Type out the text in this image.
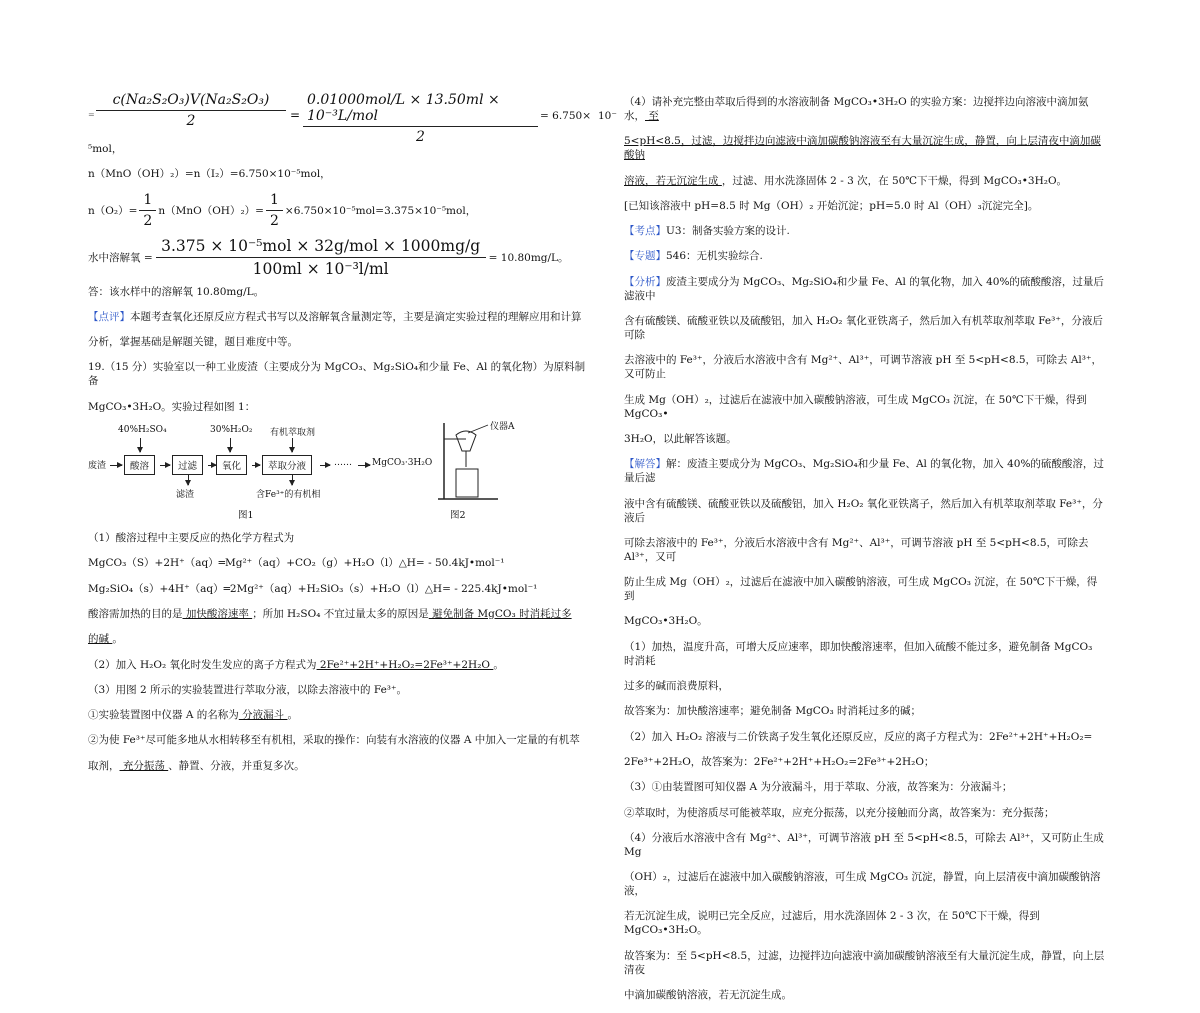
=
c(Na₂S₂O₃)V(Na₂S₂O₃)
2	=
0.01000mol/L × 13.50ml × 10⁻³L/mol
2
= 6.750× 10⁻
⁵mol，
n（MnO（OH）₂）=n（I₂）=6.750×10⁻⁵mol，
$n(O_2)= \frac{1}{2} n(MnO(OH)_2)= \frac{1}{2} \times 6.750\times 10^{-5}mol=3.375\times 10^{-5}mol$，
水中溶解氧 = $\frac{\text{3.375 × 10⁻⁵mol × 32g/mol × 1000mg/g}}{\text{100ml × 10⁻³l/ml}} = 10.80mg/L$。
答：该水样中的溶解氧 10.80mg/L。
【点评】本题考查氧化还原反应方程式书写以及溶解氧含量测定等，主要是滴定实验过程的理解应用和计算
分析，掌握基础是解题关键，题目难度中等。
19.（15 分）实验室以一种工业废渣（主要成分为 MgCO₃、Mg₂SiO₄和少量 Fe、Al 的氧化物）为原料制备
MgCO₃•3H₂O。实验过程如图 1：
40%H₂SO₄	30%H₂O₂ 有机萃取剂
废渣	酸溶	过滤	氧化	萃取分液	…… MgCO₃·3H₂O
滤渣	含Fe³⁺的有机相
仪器A
图1	图2
（1）酸溶过程中主要反应的热化学方程式为
MgCO₃（S）+2H⁺（aq）═Mg²⁺（aq）+CO₂（g）+H₂O（l）△H= - 50.4kJ•mol⁻¹
Mg₂SiO₄（s）+4H⁺（aq）═2Mg²⁺（aq）+H₂SiO₃（s）+H₂O（l）△H= - 225.4kJ•mol⁻¹
酸溶需加热的目的是 加快酸溶速率 ；所加 H₂SO₄ 不宜过量太多的原因是 避免制备 MgCO₃ 时消耗过多
的碱 。
（2）加入 H₂O₂ 氧化时发生发应的离子方程式为 2Fe²⁺+2H⁺+H₂O₂=2Fe³⁺+2H₂O 。
（3）用图 2 所示的实验装置进行萃取分液，以除去溶液中的 Fe³⁺。
①实验装置图中仪器 A 的名称为 分液漏斗 。
②为使 Fe³⁺尽可能多地从水相转移至有机相，采取的操作：向装有水溶液的仪器 A 中加入一定量的有机萃
取剂， 充分振荡 、静置、分液，并重复多次。
（4）请补充完整由萃取后得到的水溶液制备 MgCO₃•3H₂O 的实验方案：边搅拌边向溶液中滴加氨水， 至
5<pH<8.5，过滤，边搅拌边向滤液中滴加碳酸钠溶液至有大量沉淀生成，静置，向上层清夜中滴加碳酸钠
溶液，若无沉淀生成 ，过滤、用水洗涤固体 2 - 3 次，在 50℃下干燥，得到 MgCO₃•3H₂O。
[已知该溶液中 pH=8.5 时 Mg（OH）₂ 开始沉淀；pH=5.0 时 Al（OH）₃沉淀完全]。
【考点】U3：制备实验方案的设计.
【专题】546：无机实验综合.
【分析】废渣主要成分为 MgCO₃、Mg₂SiO₄和少量 Fe、Al 的氧化物，加入 40%的硫酸酸溶，过量后滤液中
含有硫酸镁、硫酸亚铁以及硫酸铝，加入 H₂O₂ 氧化亚铁离子，然后加入有机萃取剂萃取 Fe³⁺，分液后可除
去溶液中的 Fe³⁺，分液后水溶液中含有 Mg²⁺、Al³⁺，可调节溶液 pH 至 5<pH<8.5，可除去 Al³⁺，又可防止
生成 Mg（OH）₂，过滤后在滤液中加入碳酸钠溶液，可生成 MgCO₃ 沉淀，在 50℃下干燥，得到 MgCO₃•
3H₂O，以此解答该题。
【解答】解：废渣主要成分为 MgCO₃、Mg₂SiO₄和少量 Fe、Al 的氧化物，加入 40%的硫酸酸溶，过量后滤
液中含有硫酸镁、硫酸亚铁以及硫酸铝，加入 H₂O₂ 氧化亚铁离子，然后加入有机萃取剂萃取 Fe³⁺，分液后
可除去溶液中的 Fe³⁺，分液后水溶液中含有 Mg²⁺、Al³⁺，可调节溶液 pH 至 5<pH<8.5，可除去 Al³⁺，又可
防止生成 Mg（OH）₂，过滤后在滤液中加入碳酸钠溶液，可生成 MgCO₃ 沉淀，在 50℃下干燥，得到
MgCO₃•3H₂O。
（1）加热，温度升高，可增大反应速率，即加快酸溶速率，但加入硫酸不能过多，避免制备 MgCO₃ 时消耗
过多的碱而浪费原料，
故答案为：加快酸溶速率；避免制备 MgCO₃ 时消耗过多的碱；
（2）加入 H₂O₂ 溶液与二价铁离子发生氧化还原反应，反应的离子方程式为：2Fe²⁺+2H⁺+H₂O₂=
2Fe³⁺+2H₂O，故答案为：2Fe²⁺+2H⁺+H₂O₂=2Fe³⁺+2H₂O；
（3）①由装置图可知仪器 A 为分液漏斗，用于萃取、分液，故答案为：分液漏斗；
②萃取时，为使溶质尽可能被萃取，应充分振荡，以充分接触而分离，故答案为：充分振荡；
（4）分液后水溶液中含有 Mg²⁺、Al³⁺，可调节溶液 pH 至 5<pH<8.5，可除去 Al³⁺，又可防止生成 Mg
（OH）₂，过滤后在滤液中加入碳酸钠溶液，可生成 MgCO₃ 沉淀，静置，向上层清夜中滴加碳酸钠溶液，
若无沉淀生成，说明已完全反应，过滤后，用水洗涤固体 2 - 3 次，在 50℃下干燥，得到 MgCO₃•3H₂O。
故答案为：至 5<pH<8.5，过滤，边搅拌边向滤液中滴加碳酸钠溶液至有大量沉淀生成，静置，向上层清夜
中滴加碳酸钠溶液，若无沉淀生成。
